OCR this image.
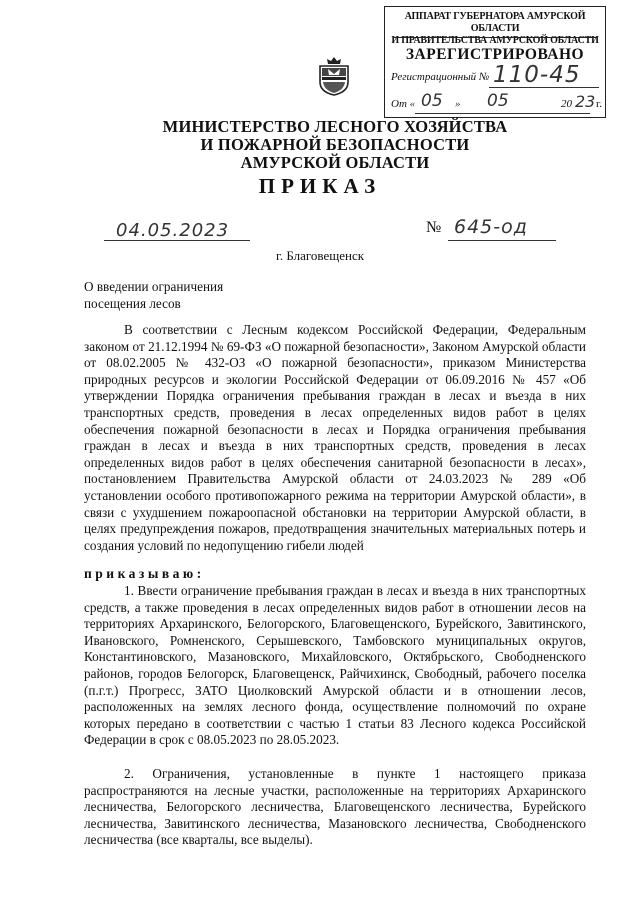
АППАРАТ ГУБЕРНАТОРА АМУРСКОЙ ОБЛАСТИ
И ПРАВИТЕЛЬСТВА АМУРСКОЙ ОБЛАСТИ
ЗАРЕГИСТРИРОВАНО
Регистрационный № 110-45
От « 05 » 05	20 23 г.
МИНИСТЕРСТВО ЛЕСНОГО ХОЗЯЙСТВА
И ПОЖАРНОЙ БЕЗОПАСНОСТИ
АМУРСКОЙ ОБЛАСТИ
ПРИКАЗ
04.05.2023	№ 645-од
г. Благовещенск
О введении ограничения
посещения лесов
В соответствии с Лесным кодексом Российской Федерации, Федеральным законом от 21.12.1994 № 69-ФЗ «О пожарной безопасности», Законом Амурской области от 08.02.2005 № 432-ОЗ «О пожарной безопасности», приказом Министерства природных ресурсов и экологии Российской Федерации от 06.09.2016 № 457 «Об утверждении Порядка ограничения пребывания граждан в лесах и въезда в них транспортных средств, проведения в лесах определенных видов работ в целях обеспечения пожарной безопасности в лесах и Порядка ограничения пребывания граждан в лесах и въезда в них транспортных средств, проведения в лесах определенных видов работ в целях обеспечения санитарной безопасности в лесах», постановлением Правительства Амурской области от 24.03.2023 № 289 «Об установлении особого противопожарного режима на территории Амурской области», в связи с ухудшением пожароопасной обстановки на территории Амурской области, в целях предупреждения пожаров, предотвращения значительных материальных потерь и создания условий по недопущению гибели людей
приказываю:
1. Ввести ограничение пребывания граждан в лесах и въезда в них транспортных средств, а также проведения в лесах определенных видов работ в отношении лесов на территориях Архаринского, Белогорского, Благовещенского, Бурейского, Завитинского, Ивановского, Ромненского, Серышевского, Тамбовского муниципальных округов, Константиновского, Мазановского, Михайловского, Октябрьского, Свободненского районов, городов Белогорск, Благовещенск, Райчихинск, Свободный, рабочего поселка (п.г.т.) Прогресс, ЗАТО Циолковский Амурской области и в отношении лесов, расположенных на землях лесного фонда, осуществление полномочий по охране которых передано в соответствии с частью 1 статьи 83 Лесного кодекса Российской Федерации в срок с 08.05.2023 по 28.05.2023.
2. Ограничения, установленные в пункте 1 настоящего приказа распространяются на лесные участки, расположенные на территориях Архаринского лесничества, Белогорского лесничества, Благовещенского лесничества, Бурейского лесничества, Завитинского лесничества, Мазановского лесничества, Свободненского лесничества (все кварталы, все выделы).
